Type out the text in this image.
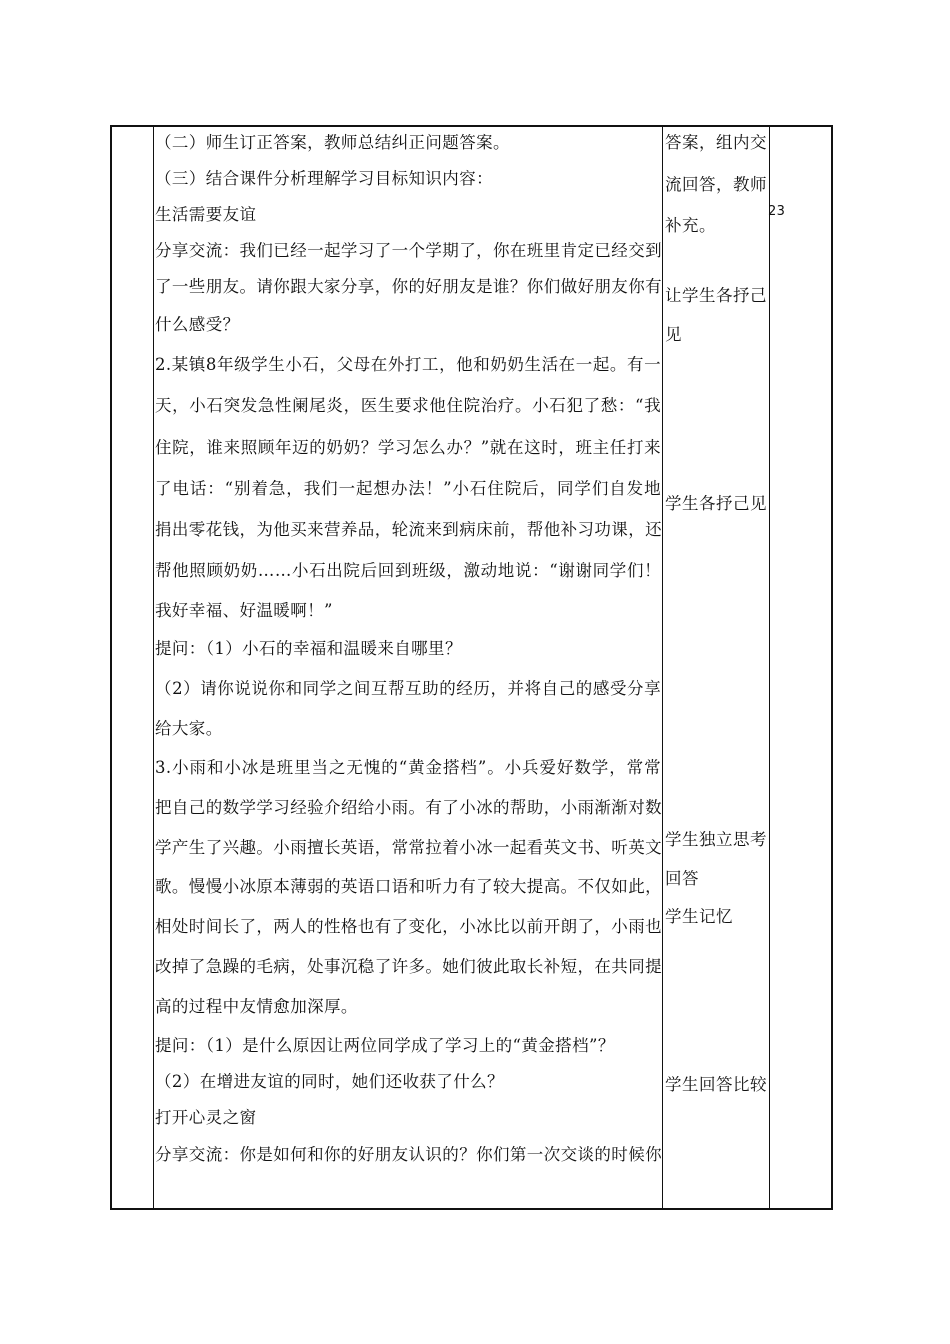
（二）师生订正答案，教师总结纠正问题答案。
（三）结合课件分析理解学习目标知识内容：
生活需要友谊
分享交流：我们已经一起学习了一个学期了，你在班里肯定已经交到
了一些朋友。请你跟大家分享，你的好朋友是谁？你们做好朋友你有
什么感受？
2.某镇8年级学生小石，父母在外打工，他和奶奶生活在一起。有一
天，小石突发急性阑尾炎，医生要求他住院治疗。小石犯了愁：“我
住院，谁来照顾年迈的奶奶？学习怎么办？”就在这时，班主任打来
了电话：“别着急，我们一起想办法！”小石住院后，同学们自发地
捐出零花钱，为他买来营养品，轮流来到病床前，帮他补习功课，还
帮他照顾奶奶……小石出院后回到班级，激动地说：“谢谢同学们！
我好幸福、好温暖啊！”
提问：（1）小石的幸福和温暖来自哪里？
（2）请你说说你和同学之间互帮互助的经历，并将自己的感受分享
给大家。
3.小雨和小冰是班里当之无愧的“黄金搭档”。小兵爱好数学，常常
把自己的数学学习经验介绍给小雨。有了小冰的帮助，小雨渐渐对数
学产生了兴趣。小雨擅长英语，常常拉着小冰一起看英文书、听英文
歌。慢慢小冰原本薄弱的英语口语和听力有了较大提高。不仅如此，
相处时间长了，两人的性格也有了变化，小冰比以前开朗了，小雨也
改掉了急躁的毛病，处事沉稳了许多。她们彼此取长补短，在共同提
高的过程中友情愈加深厚。
提问：（1）是什么原因让两位同学成了学习上的“黄金搭档”？
（2）在增进友谊的同时，她们还收获了什么？
打开心灵之窗
分享交流：你是如何和你的好朋友认识的？你们第一次交谈的时候你
答案，组内交
流回答，教师
补充。
让学生各抒己
见
学生各抒己见
学生独立思考
回答
学生记忆
学生回答比较
23
